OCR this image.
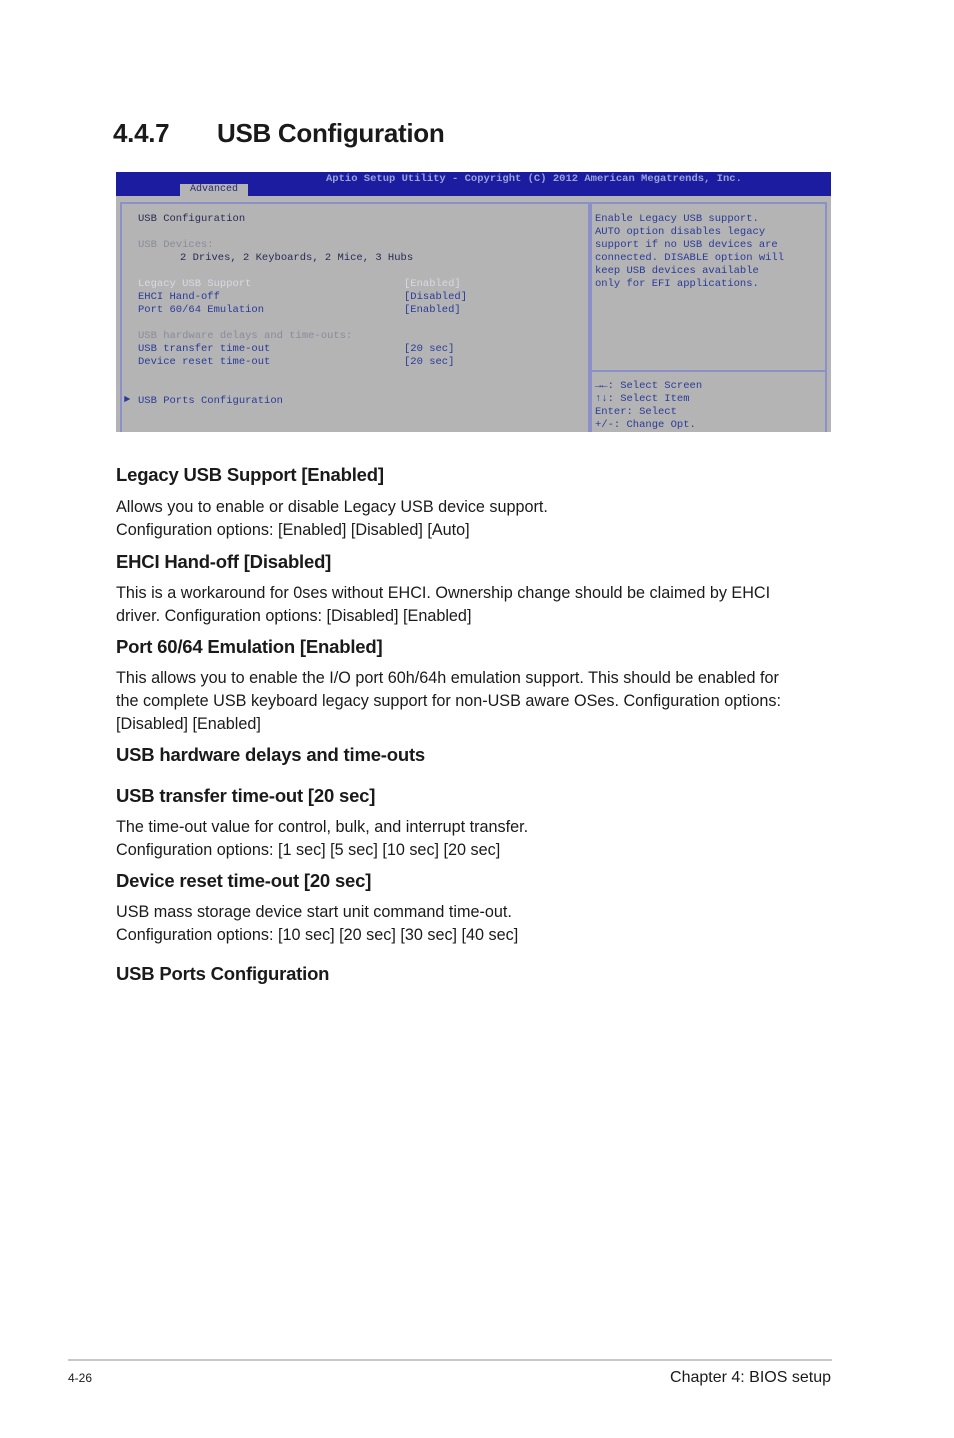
4.4.7 USB Configuration
Aptio Setup Utility - Copyright (C) 2012 American Megatrends, Inc.
Advanced
USB Configuration
USB Devices:
2 Drives, 2 Keyboards, 2 Mice, 3 Hubs
Legacy USB Support	[Enabled]
EHCI Hand-off	[Disabled]
Port 60/64 Emulation	[Enabled]
USB hardware delays and time-outs:
USB transfer time-out	[20 sec]
Device reset time-out	[20 sec]
► USB Ports Configuration
Enable Legacy USB support.
AUTO option disables legacy
support if no USB devices are
connected. DISABLE option will
keep USB devices available
only for EFI applications.
→←: Select Screen
↑↓: Select Item
Enter: Select
+/-: Change Opt.
Legacy USB Support [Enabled]
Allows you to enable or disable Legacy USB device support.
Configuration options: [Enabled] [Disabled] [Auto]
EHCI Hand-off [Disabled]
This is a workaround for 0ses without EHCI. Ownership change should be claimed by EHCI
driver. Configuration options: [Disabled] [Enabled]
Port 60/64 Emulation [Enabled]
This allows you to enable the I/O port 60h/64h emulation support. This should be enabled for
the complete USB keyboard legacy support for non-USB aware OSes. Configuration options:
[Disabled] [Enabled]
USB hardware delays and time-outs
USB transfer time-out [20 sec]
The time-out value for control, bulk, and interrupt transfer.
Configuration options: [1 sec] [5 sec] [10 sec] [20 sec]
Device reset time-out [20 sec]
USB mass storage device start unit command time-out.
Configuration options: [10 sec] [20 sec] [30 sec] [40 sec]
USB Ports Configuration
4-26	Chapter 4: BIOS setup
